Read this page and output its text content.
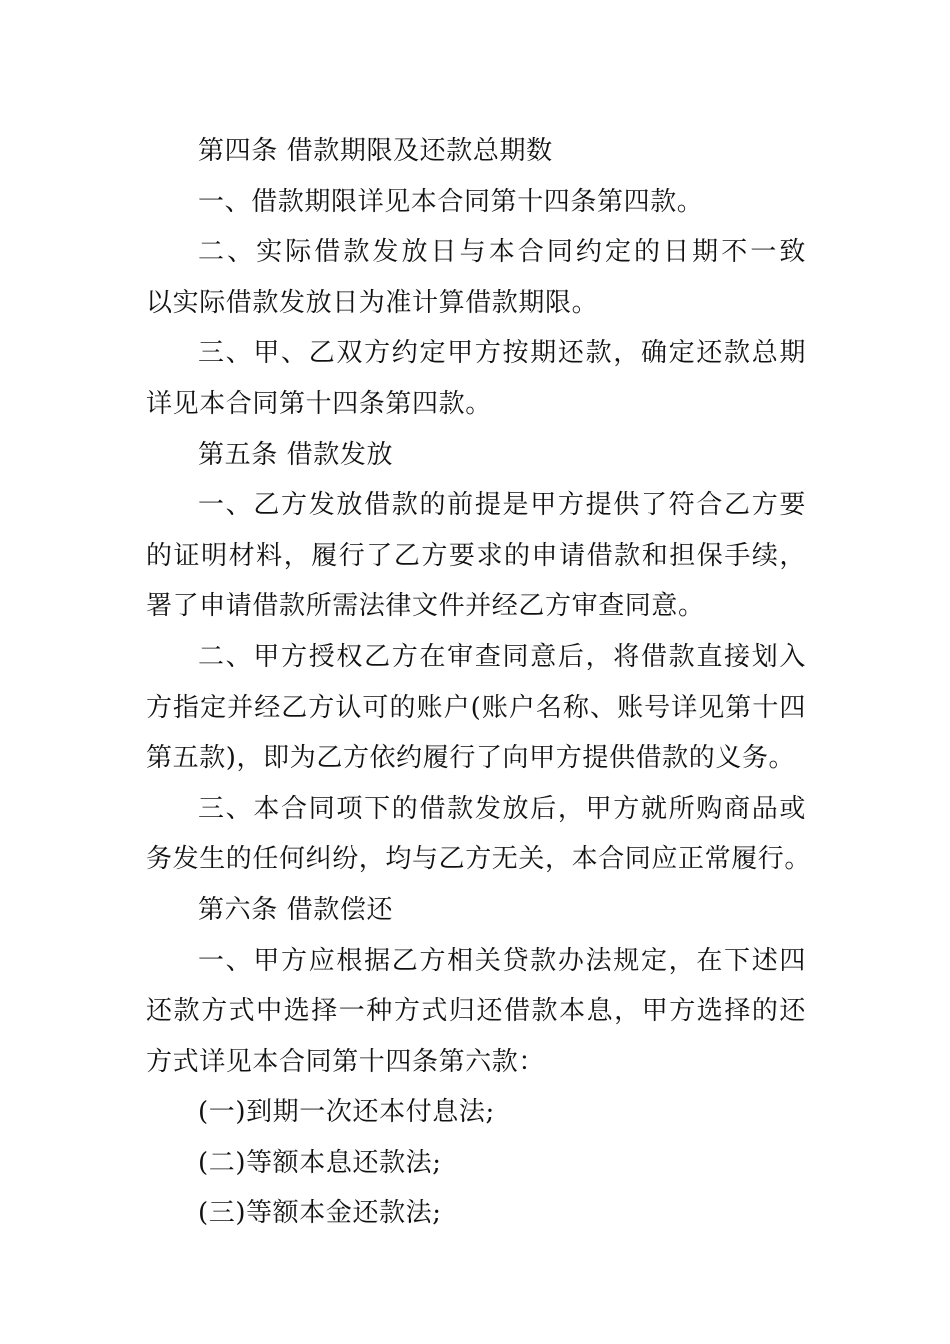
第四条 借款期限及还款总期数
一、借款期限详见本合同第十四条第四款。
二、实际借款发放日与本合同约定的日期不一致
以实际借款发放日为准计算借款期限。
三、甲、乙双方约定甲方按期还款，确定还款总期
详见本合同第十四条第四款。
第五条 借款发放
一、乙方发放借款的前提是甲方提供了符合乙方要
的证明材料，履行了乙方要求的申请借款和担保手续，
署了申请借款所需法律文件并经乙方审查同意。
二、甲方授权乙方在审查同意后，将借款直接划入
方指定并经乙方认可的账户(账户名称、账号详见第十四
第五款)，即为乙方依约履行了向甲方提供借款的义务。
三、本合同项下的借款发放后，甲方就所购商品或
务发生的任何纠纷，均与乙方无关，本合同应正常履行。
第六条 借款偿还
一、甲方应根据乙方相关贷款办法规定，在下述四
还款方式中选择一种方式归还借款本息，甲方选择的还
方式详见本合同第十四条第六款：
(一)到期一次还本付息法;
(二)等额本息还款法;
(三)等额本金还款法;
